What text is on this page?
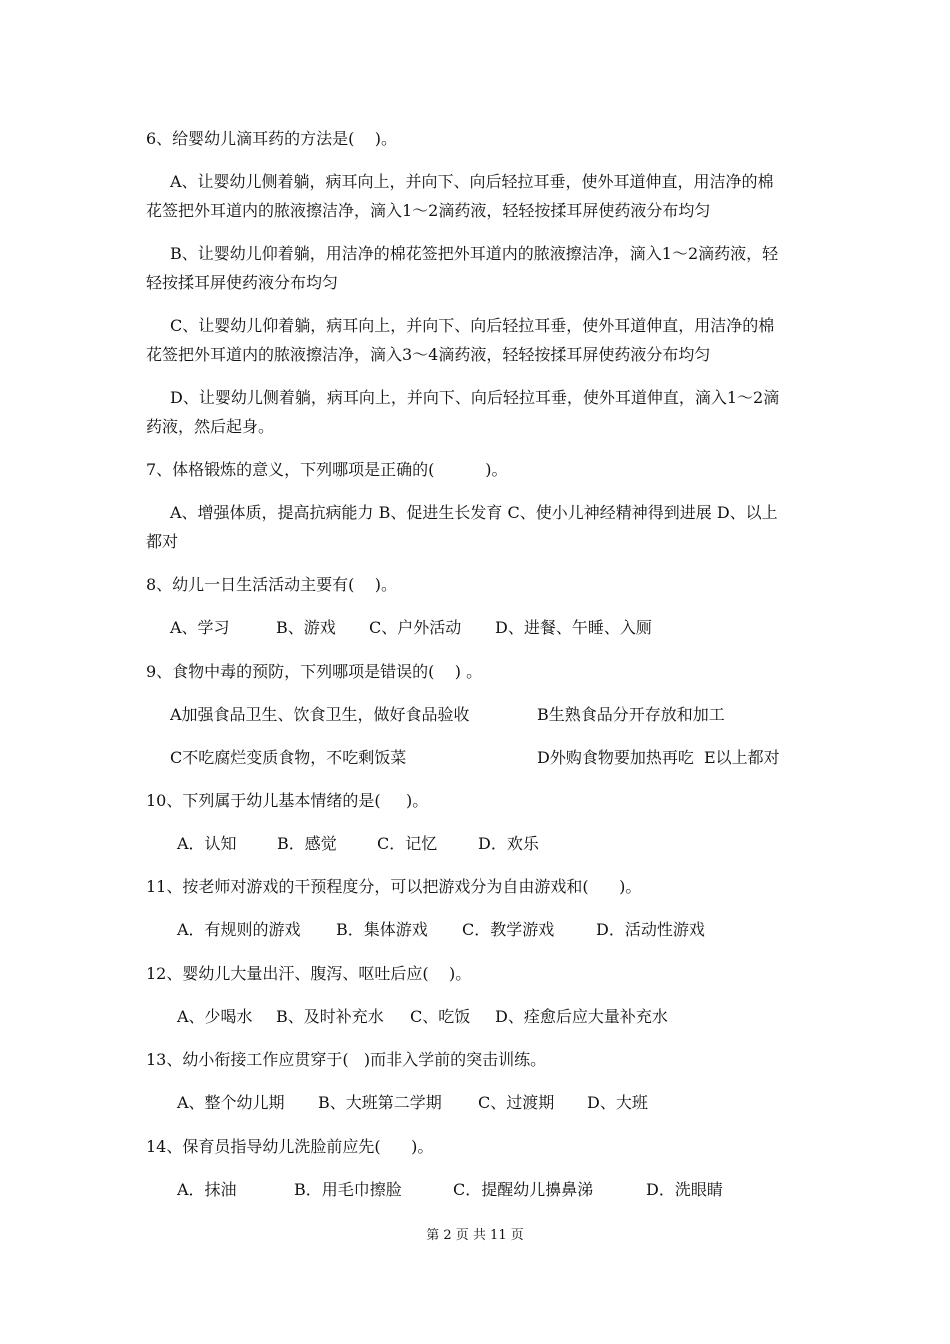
6、给婴幼儿滴耳药的方法是(    )。
A、让婴幼儿侧着躺，病耳向上，并向下、向后轻拉耳垂，使外耳道伸直，用洁净的棉
花签把外耳道内的脓液擦洁净，滴入1～2滴药液，轻轻按揉耳屏使药液分布均匀
B、让婴幼儿仰着躺，用洁净的棉花签把外耳道内的脓液擦洁净，滴入1～2滴药液，轻
轻按揉耳屏使药液分布均匀
C、让婴幼儿仰着躺，病耳向上，并向下、向后轻拉耳垂，使外耳道伸直，用洁净的棉
花签把外耳道内的脓液擦洁净，滴入3～4滴药液，轻轻按揉耳屏使药液分布均匀
D、让婴幼儿侧着躺，病耳向上，并向下、向后轻拉耳垂，使外耳道伸直，滴入1～2滴
药液，然后起身。
7、体格锻炼的意义，下列哪项是正确的(          )。
A、增强体质，提高抗病能力 B、促进生长发育 C、使小儿神经精神得到进展 D、以上
都对
8、幼儿一日生活活动主要有(    )。
A、学习	B、游戏 C、户外活动 D、进餐、午睡、入厕
9、食物中毒的预防，下列哪项是错误的(    ) 。
A加强食品卫生、饮食卫生，做好食品验收	B生熟食品分开存放和加工
C不吃腐烂变质食物，不吃剩饭菜	D外购食物要加热再吃  E以上都对
10、下列属于幼儿基本情绪的是(     )。
A．认知	B．感觉	C．记忆	D．欢乐
11、按老师对游戏的干预程度分，可以把游戏分为自由游戏和(      )。
A．有规则的游戏 B．集体游戏 C．教学游戏	D．活动性游戏
12、婴幼儿大量出汗、腹泻、呕吐后应(    )。
A、少喝水 B、及时补充水 C、吃饭 D、痊愈后应大量补充水
13、幼小衔接工作应贯穿于(   )而非入学前的突击训练。
A、整个幼儿期 B、大班第二学期 C、过渡期 D、大班
14、保育员指导幼儿洗脸前应先(      )。
A．抹油	B．用毛巾擦脸	C．提醒幼儿擤鼻涕	D．洗眼睛
第 2 页 共 11 页
